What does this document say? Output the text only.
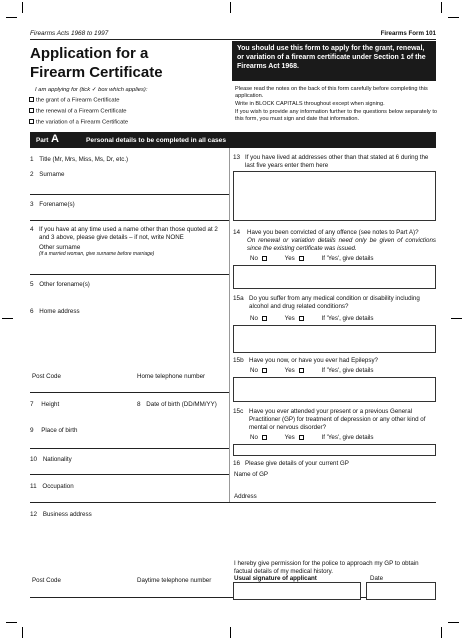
Firearms Acts 1968 to 1997	Firearms Form 101
Application for a
Firearm Certificate
You should use this form to apply for the grant, renewal, or variation of a firearm certificate under Section 1 of the Firearms Act 1968.
I am applying for (tick ✓ box which applies):
the grant of a Firearm Certificate
the renewal of a Firearm Certificate
the variation of a Firearm Certificate
Please read the notes on the back of this form carefully before completing this application.
Write in BLOCK CAPITALS throughout except when signing.
If you wish to provide any information further to the questions below separately to this form, you must sign and date that information.
Part A	Personal details to be completed in all cases
1 Title (Mr, Mrs, Miss, Ms, Dr, etc.)
2 Surname
3 Forename(s)
4 If you have at any time used a name other than those quoted at 2 and 3 above, please give details – if not, write NONE
Other surname
(if a married woman, give surname before marriage)
5 Other forename(s)
6 Home address
Post Code	Home telephone number
7 Height	8 Date of birth (DD/MM/YY)
9 Place of birth
10 Nationality
11 Occupation
12 Business address
Post Code	Daytime telephone number
13 If you have lived at addresses other than that stated at 6 during the last five years enter them here
14 Have you been convicted of any offence (see notes to Part A)?
On renewal or variation details need only be given of convictions since the existing certificate was issued.
No	Yes	If 'Yes', give details
15a Do you suffer from any medical condition or disability including alcohol and drug related conditions?
No	Yes	If 'Yes', give details
15b Have you now, or have you ever had Epilepsy?
No	Yes	If 'Yes', give details
15c Have you ever attended your present or a previous General Practitioner (GP) for treatment of depression or any other kind of mental or nervous disorder?
No	Yes	If 'Yes', give details
16 Please give details of your current GP
Name of GP
Address
I hereby give permission for the police to approach my GP to obtain factual details of my medical history.
Usual signature of applicant	Date
